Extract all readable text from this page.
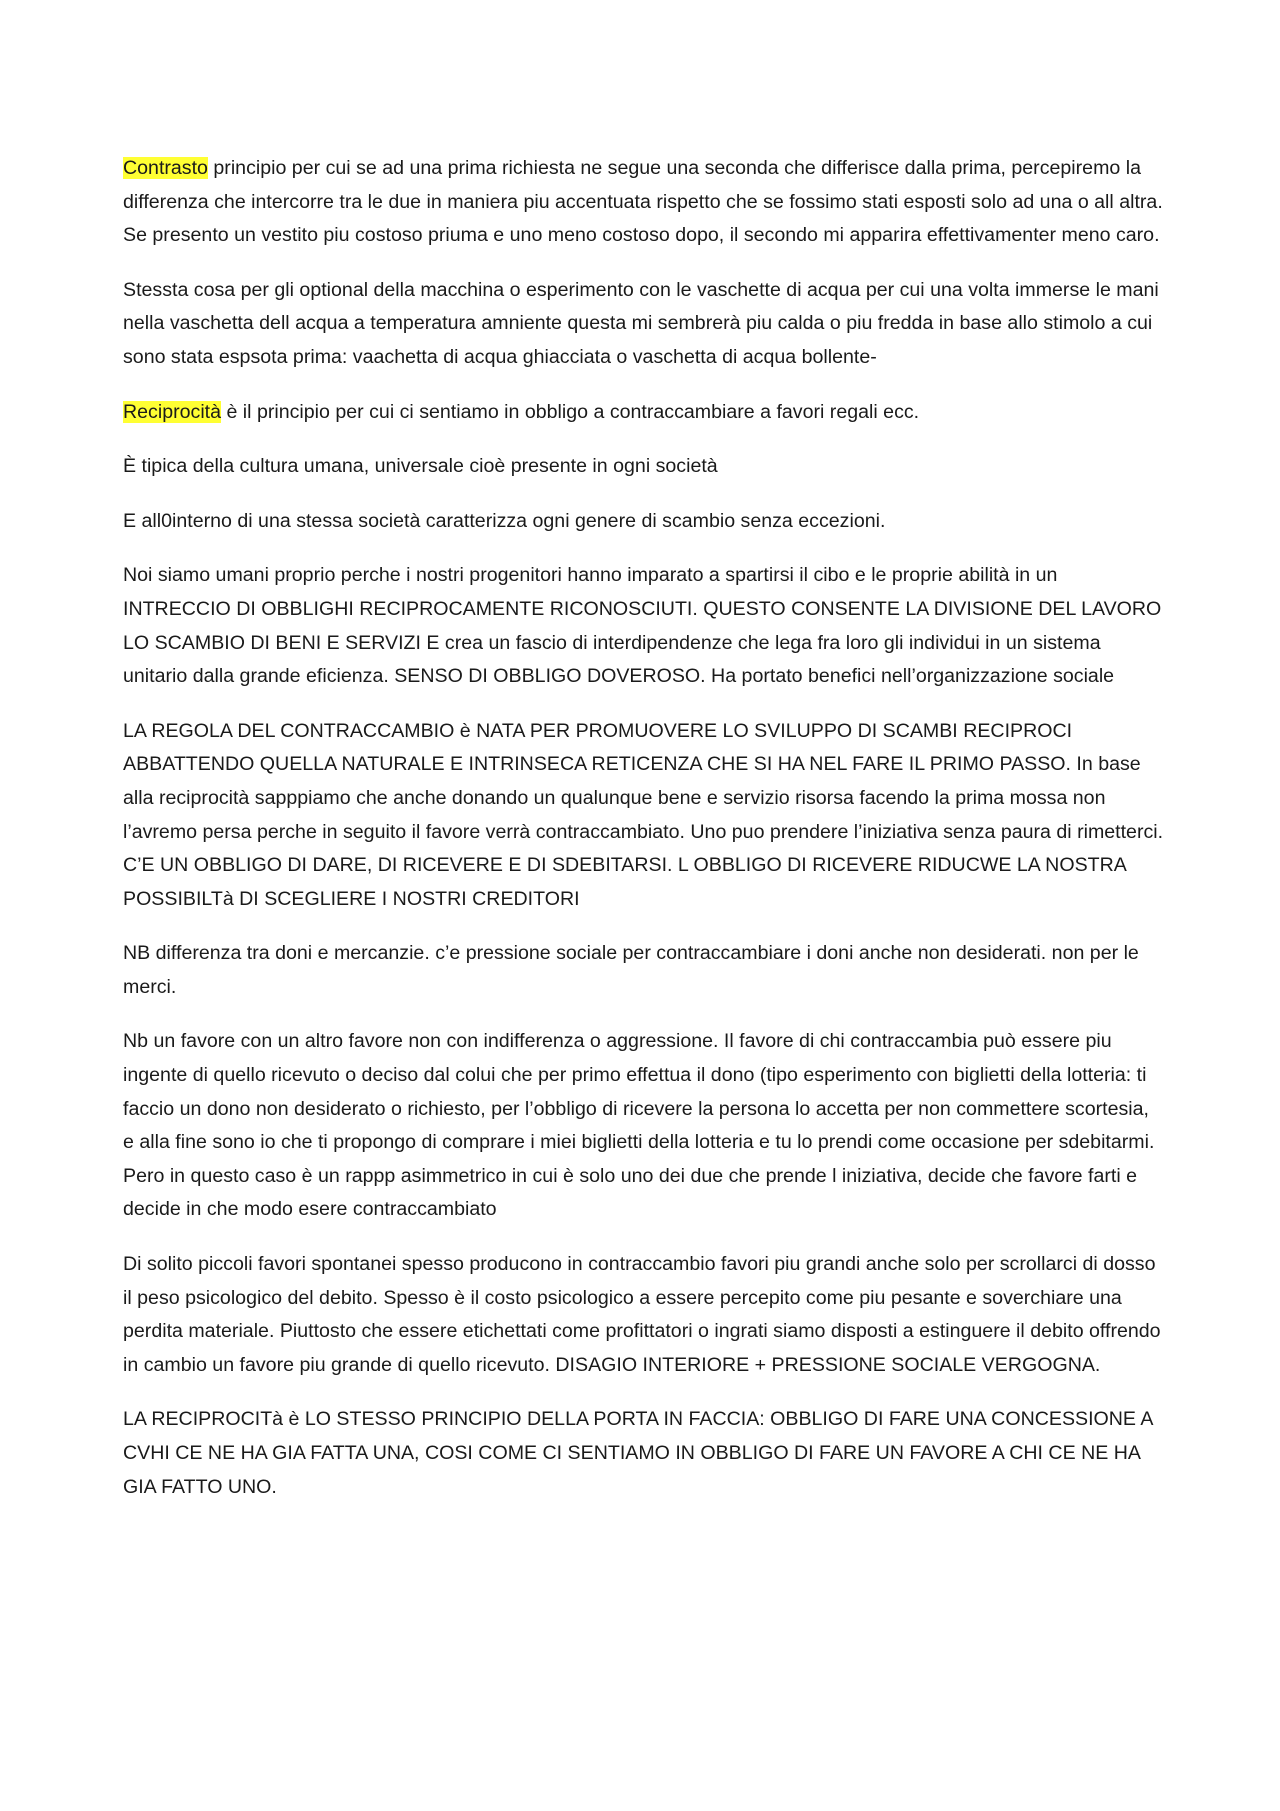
Contrasto principio per cui se ad una prima richiesta ne segue una seconda che differisce dalla prima, percepiremo la differenza che intercorre tra le due in maniera piu accentuata rispetto che se fossimo stati esposti solo ad una o all altra. Se presento un vestito piu costoso priuma e uno meno costoso dopo, il secondo mi apparira effettivamenter meno caro.

Stessta cosa per gli optional della macchina o esperimento con le vaschette di acqua per cui una volta immerse le mani nella vaschetta dell acqua a temperatura amniente questa mi sembrerà piu calda o piu fredda in base allo stimolo a cui sono stata espsota prima: vaachetta di acqua ghiacciata o vaschetta di acqua bollente-

Reciprocità è il principio per cui ci sentiamo in obbligo a contraccambiare a favori regali ecc.

È tipica della cultura umana, universale cioè presente in ogni società

E all0interno di una stessa società caratterizza ogni genere di scambio senza eccezioni.

Noi siamo umani proprio perche i nostri progenitori hanno imparato a spartirsi il cibo e le proprie abilità in un INTRECCIO DI OBBLIGHI RECIPROCAMENTE RICONOSCIUTI. QUESTO CONSENTE LA DIVISIONE DEL LAVORO LO SCAMBIO DI BENI E SERVIZI E crea un fascio di interdipendenze che lega fra loro gli individui in un sistema unitario dalla grande eficienza. SENSO DI OBBLIGO DOVEROSO. Ha portato benefici nell’organizzazione sociale

LA REGOLA DEL CONTRACCAMBIO è NATA PER PROMUOVERE LO SVILUPPO DI SCAMBI RECIPROCI ABBATTENDO QUELLA NATURALE E INTRINSECA RETICENZA CHE SI HA NEL FARE IL PRIMO PASSO. In base alla reciprocità sapppiamo che anche donando un qualunque bene e servizio risorsa facendo la prima mossa non l’avremo persa perche in seguito il favore verrà contraccambiato. Uno puo prendere l’iniziativa senza paura di rimetterci. C’E UN OBBLIGO DI DARE, DI RICEVERE E DI SDEBITARSI. L OBBLIGO DI RICEVERE RIDUCWE LA NOSTRA POSSIBILTà DI SCEGLIERE I NOSTRI CREDITORI

NB differenza tra doni e mercanzie. c’e pressione sociale per contraccambiare i doni anche non desiderati. non per le merci.

Nb un favore con un altro favore non con indifferenza o aggressione. Il favore di chi contraccambia può essere piu ingente di quello ricevuto o deciso dal colui che per primo effettua il dono (tipo esperimento con biglietti della lotteria: ti faccio un dono non desiderato o richiesto, per l’obbligo di ricevere la persona lo accetta per non commettere scortesia, e alla fine sono io che ti propongo di comprare i miei biglietti della lotteria e tu lo prendi come occasione per sdebitarmi. Pero in questo caso è un rappp asimmetrico in cui è solo uno dei due che prende l iniziativa, decide che favore farti e decide in che modo esere contraccambiato

Di solito piccoli favori spontanei spesso producono in contraccambio favori piu grandi anche solo per scrollarci di dosso il peso psicologico del debito. Spesso è il costo psicologico a essere percepito come piu pesante e soverchiare una perdita materiale. Piuttosto che essere etichettati come profittatori o ingrati siamo disposti a estinguere il debito offrendo in cambio un favore piu grande di quello ricevuto. DISAGIO INTERIORE + PRESSIONE SOCIALE VERGOGNA.

LA RECIPROCITà è LO STESSO PRINCIPIO DELLA PORTA IN FACCIA: OBBLIGO DI FARE UNA CONCESSIONE A CVHI CE NE HA GIA FATTA UNA, COSI COME CI SENTIAMO IN OBBLIGO DI FARE UN FAVORE A CHI CE NE HA GIA FATTO UNO.
